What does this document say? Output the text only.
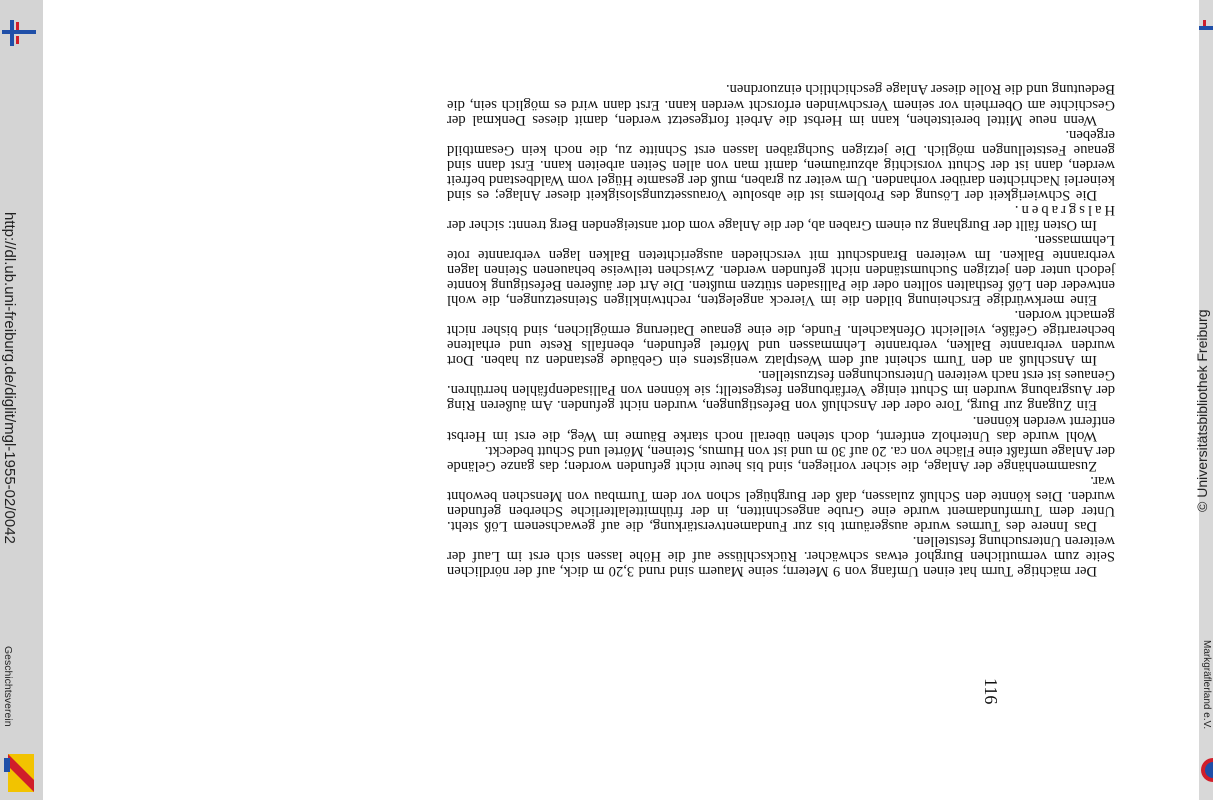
Der mächtige Turm hat einen Umfang von 9 Metern; seine Mauern sind rund 3,20 m dick, auf der nördlichen Seite zum vermutlichen Burghof etwas schwächer. Rückschlüsse auf die Höhe lassen sich erst im Lauf der weiteren Untersuchung feststellen.

Das Innere des Turmes wurde ausgeräumt bis zur Fundamentverstärkung, die auf gewachsenem Löß steht. Unter dem Turmfundament wurde eine Grube angeschnitten, in der frühmittelalterliche Scherben gefunden wurden. Dies könnte den Schluß zulassen, daß der Burghügel schon vor dem Turmbau von Menschen bewohnt war.

Zusammenhänge der Anlage, die sicher vorliegen, sind bis heute nicht gefunden worden; das ganze Gelände der Anlage umfaßt eine Fläche von ca. 20 auf 30 m und ist von Humus, Steinen, Mörtel und Schutt bedeckt.

Wohl wurde das Unterholz entfernt, doch stehen überall noch starke Bäume im Weg, die erst im Herbst entfernt werden können.

Ein Zugang zur Burg, Tore oder der Anschluß von Befestigungen, wurden nicht gefunden. Am äußeren Ring der Ausgrabung wurden im Schutt einige Verfärbungen festgestellt; sie können von Pallisadenpfählen herrühren. Genaues ist erst nach weiteren Untersuchungen festzustellen.

Im Anschluß an den Turm scheint auf dem Westplatz wenigstens ein Gebäude gestanden zu haben. Dort wurden verbrannte Balken, verbrannte Lehmmassen und Mörtel gefunden, ebenfalls Reste und erhaltene becherartige Gefäße, vielleicht Ofenkacheln. Funde, die eine genaue Datierung ermöglichen, sind bisher nicht gemacht worden.

Eine merkwürdige Erscheinung bilden die im Viereck angelegten, rechtwinkligen Steinsetzungen, die wohl entweder den Löß festhalten sollten oder die Pallisaden stützen mußten. Die Art der äußeren Befestigung konnte jedoch unter den jetzigen Suchumständen nicht gefunden werden. Zwischen teilweise behauenen Steinen lagen verbrannte Balken. Im weiteren Brandschutt mit verschieden ausgerichteten Balken lagen verbrannte rote Lehmmassen.

Im Osten fällt der Burghang zu einem Graben ab, der die Anlage vom dort ansteigenden Berg trennt: sicher der Halsgraben.

Die Schwierigkeit der Lösung des Problems ist die absolute Voraussetzungslosigkeit dieser Anlage; es sind keinerlei Nachrichten darüber vorhanden. Um weiter zu graben, muß der gesamte Hügel vom Waldbestand befreit werden, dann ist der Schutt vorsichtig abzuräumen, damit man von allen Seiten arbeiten kann. Erst dann sind genaue Feststellungen möglich. Die jetzigen Suchgräben lassen erst Schnitte zu, die noch kein Gesamtbild ergeben.

Wenn neue Mittel bereitstehen, kann im Herbst die Arbeit fortgesetzt werden, damit dieses Denkmal der Geschichte am Oberrhein vor seinem Verschwinden erforscht werden kann. Erst dann wird es möglich sein, die Bedeutung und die Rolle dieser Anlage geschichtlich einzuordnen.

116
http://dl.ub.uni-freiburg.de/diglit/mgl-1955-02/0042
Geschichtsverein
© Universitätsbibliothek Freiburg
Markgräflerland e.V.
